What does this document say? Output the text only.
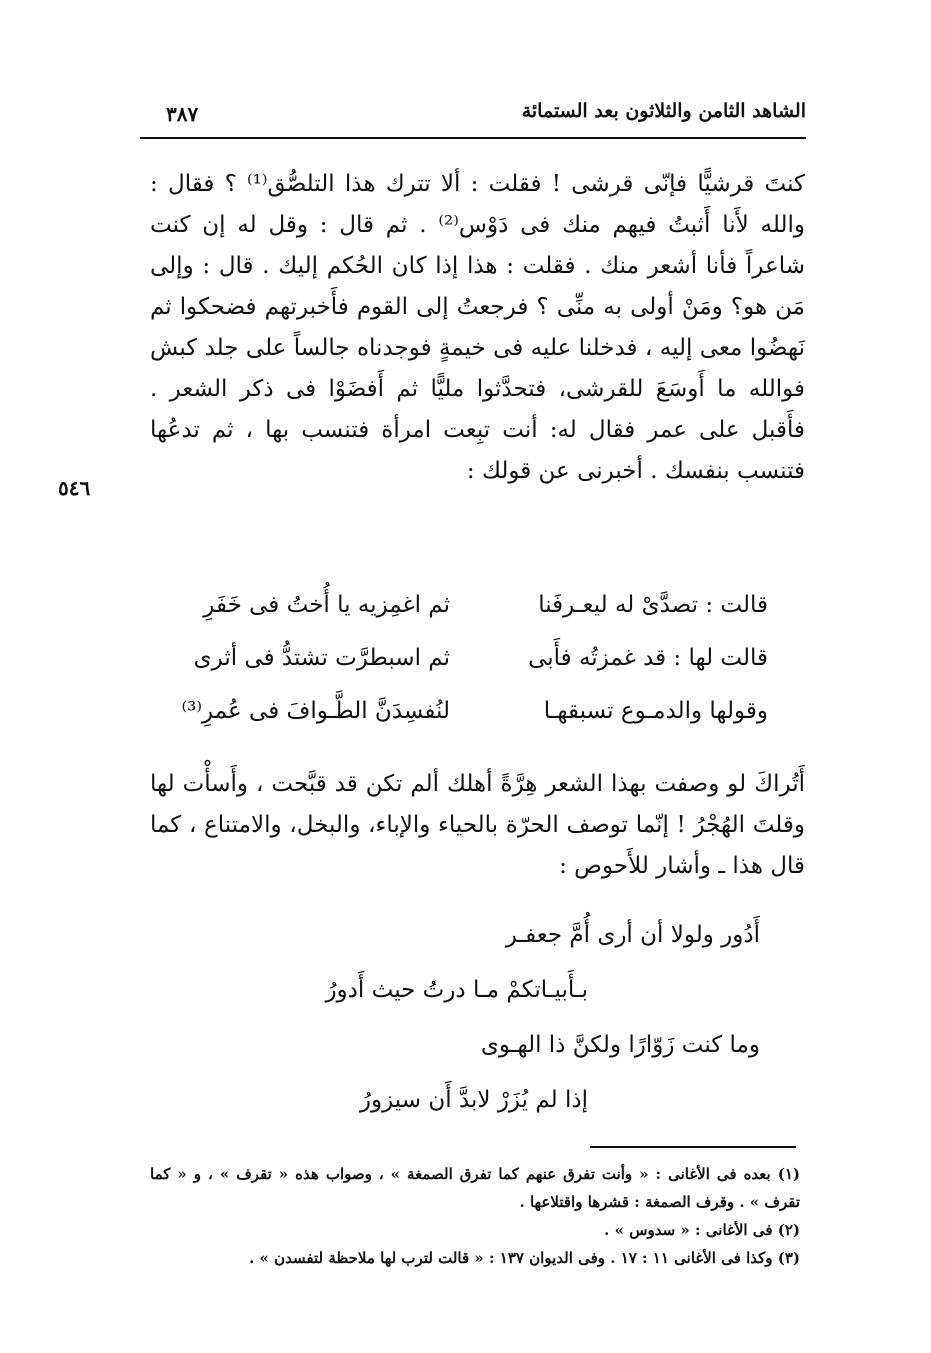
الشاهد الثامن والثلاثون بعد الستمائة
٣٨٧

كنتَ قرشيًّا فإنّى قرشى ! فقلت : ألا تترك هذا التلصُّق⁽¹⁾ ؟ فقال : والله لأَنا أَثبتُ فيهم منك فى دَوْس⁽²⁾ . ثم قال : وقل له إن كنت شاعراً فأنا أشعر منك . فقلت : هذا إذا كان الحُكم إليك . قال : وإلى مَن هو؟ ومَنْ أولى به منِّى ؟ فرجعتُ إلى القوم فأَخبرتهم فضحكوا ثم نَهضُوا معى إليه ، فدخلنا عليه فى خيمةٍ فوجدناه جالساً على جلد كبش فوالله ما أَوسَعَ للقرشى، فتحدَّثوا مليًّا ثم أَفضَوْا فى ذكر الشعر . فأَقبل على عمر فقال له: أنت تبِعت امرأة فتنسب بها ، ثم تدعُها فتنسب بنفسك . أخبرنى عن قولك :

٥٤٦
قالت : تصدَّىْ له ليعـرفَنا
ثم اغمِزيه يا أُختُ فى خَفَرِ
قالت لها : قد غمزتُه فأَبى
ثم اسبطرَّت تشتدُّ فى أثرى
وقولها والدمـوع تسبقهـا
لنُفسِدَنَّ الطَّـوافَ فى عُمرِ⁽³⁾

أَتُراكَ لو وصفت بهذا الشعر هِرَّةً أهلك ألم تكن قد قبَّحت ، وأَسأْت لها وقلتَ الهُجْرُ ! إنّما توصف الحرّة بالحياء والإباء، والبخل، والامتناع ، كما قال هذا ـ وأشار للأَحوص :

أَدُور ولولا أن أرى أُمَّ جعفـر
بـأَبيـاتكمْ مـا درتُ حيث أَدورُ
وما كنت زَوّارًا ولكنَّ ذا الهـوى
إذا لم يُزَرْ لابدَّ أَن سيزورُ

(١) بعده فى الأغانى : « وأنت تفرق عنهم كما تفرق الصمغة » ، وصواب هذه « تقرف » ، و « كما تقرف » . وقرف الصمغة : قشرها واقتلاعها .

(٢) فى الأغانى : « سدوس » .

(٣) وكذا فى الأغانى ١١ : ١٧ . وفى الديوان ١٣٧ : « قالت لترب لها ملاحظة لتفسدن » .
